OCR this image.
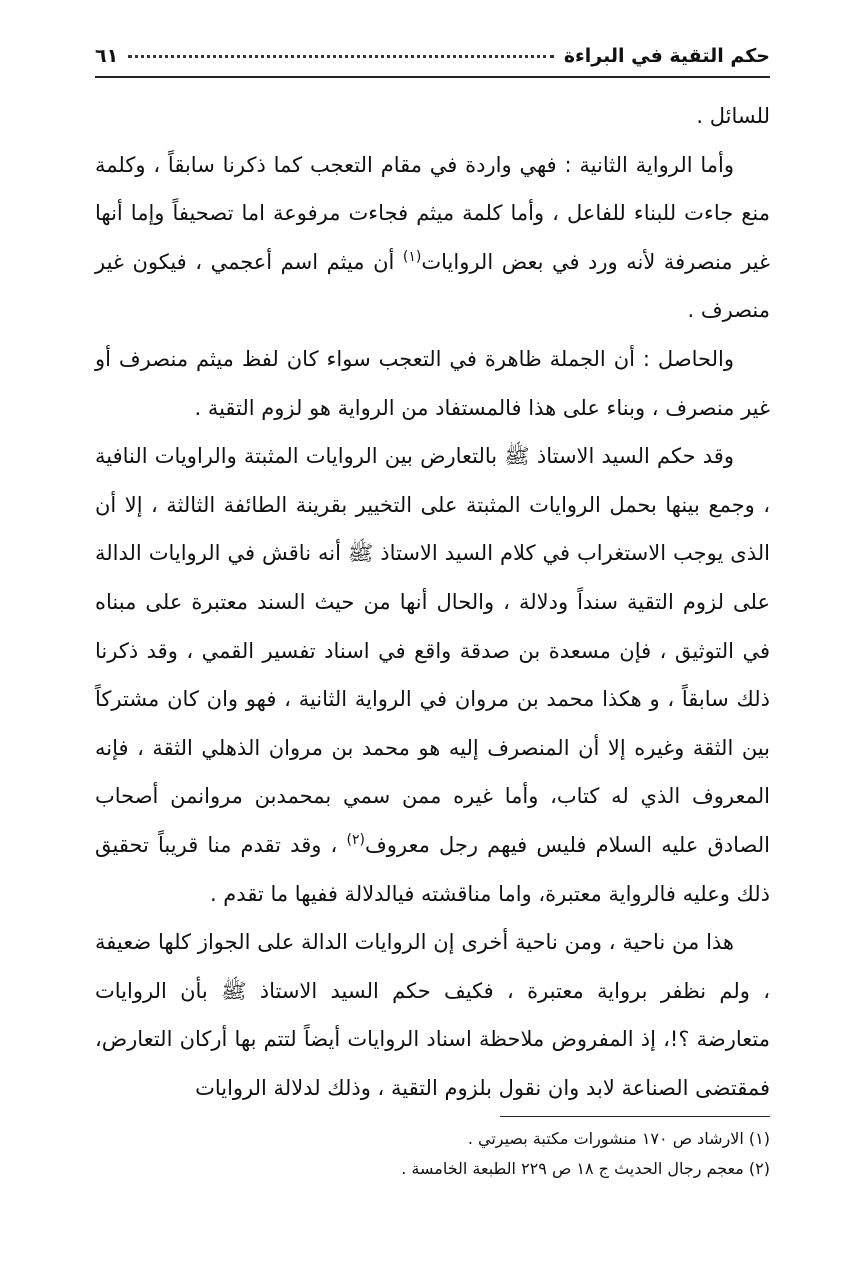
حكم التقية في البراءة
٦١

للسائل .

وأما الرواية الثانية : فهي واردة في مقام التعجب كما ذكرنا سابقاً ، وكلمة منع جاءت للبناء للفاعل ، وأما كلمة ميثم فجاءت مرفوعة اما تصحيفاً وإما أنها غير منصرفة لأنه ورد في بعض الروايات$^{(١)}$ أن ميثم اسم أعجمي ، فيكون غير منصرف .

والحاصل : أن الجملة ظاهرة في التعجب سواء كان لفظ ميثم منصرف أو غير منصرف ، وبناء على هذا فالمستفاد من الرواية هو لزوم التقية .

وقد حكم السيد الاستاذ ﷺ بالتعارض بين الروايات المثبتة والراويات النافية ، وجمع بينها بحمل الروايات المثبتة على التخيير بقرينة الطائفة الثالثة ، إلا أن الذى يوجب الاستغراب في كلام السيد الاستاذ ﷺ أنه ناقش في الروايات الدالة على لزوم التقية سنداً ودلالة ، والحال أنها من حيث السند معتبرة على مبناه في التوثيق ، فإن مسعدة بن صدقة واقع في اسناد تفسير القمي ، وقد ذكرنا ذلك سابقاً ، و هكذا محمد بن مروان في الرواية الثانية ، فهو وان كان مشتركاً بين الثقة وغيره إلا أن المنصرف إليه هو محمد بن مروان الذهلي الثقة ، فإنه المعروف الذي له كتاب، وأما غيره ممن سمي بمحمدبن مروانمن أصحاب الصادق عليه السلام فليس فيهم رجل معروف$^{(٢)}$ ، وقد تقدم منا قريباً تحقيق ذلك وعليه فالرواية معتبرة، واما مناقشته فيالدلالة ففيها ما تقدم .

هذا من ناحية ، ومن ناحية أخرى إن الروايات الدالة على الجواز كلها ضعيفة ، ولم نظفر برواية معتبرة ، فكيف حكم السيد الاستاذ ﷺ بأن الروايات متعارضة ؟!، إذ المفروض ملاحظة اسناد الروايات أيضاً لتتم بها أركان التعارض، فمقتضى الصناعة لابد وان نقول بلزوم التقية ، وذلك لدلالة الروايات

(١) الارشاد ص ١٧٠ منشورات مكتبة بصيرتي .

(٢) معجم رجال الحديث ج ١٨ ص ٢٢٩ الطبعة الخامسة .
